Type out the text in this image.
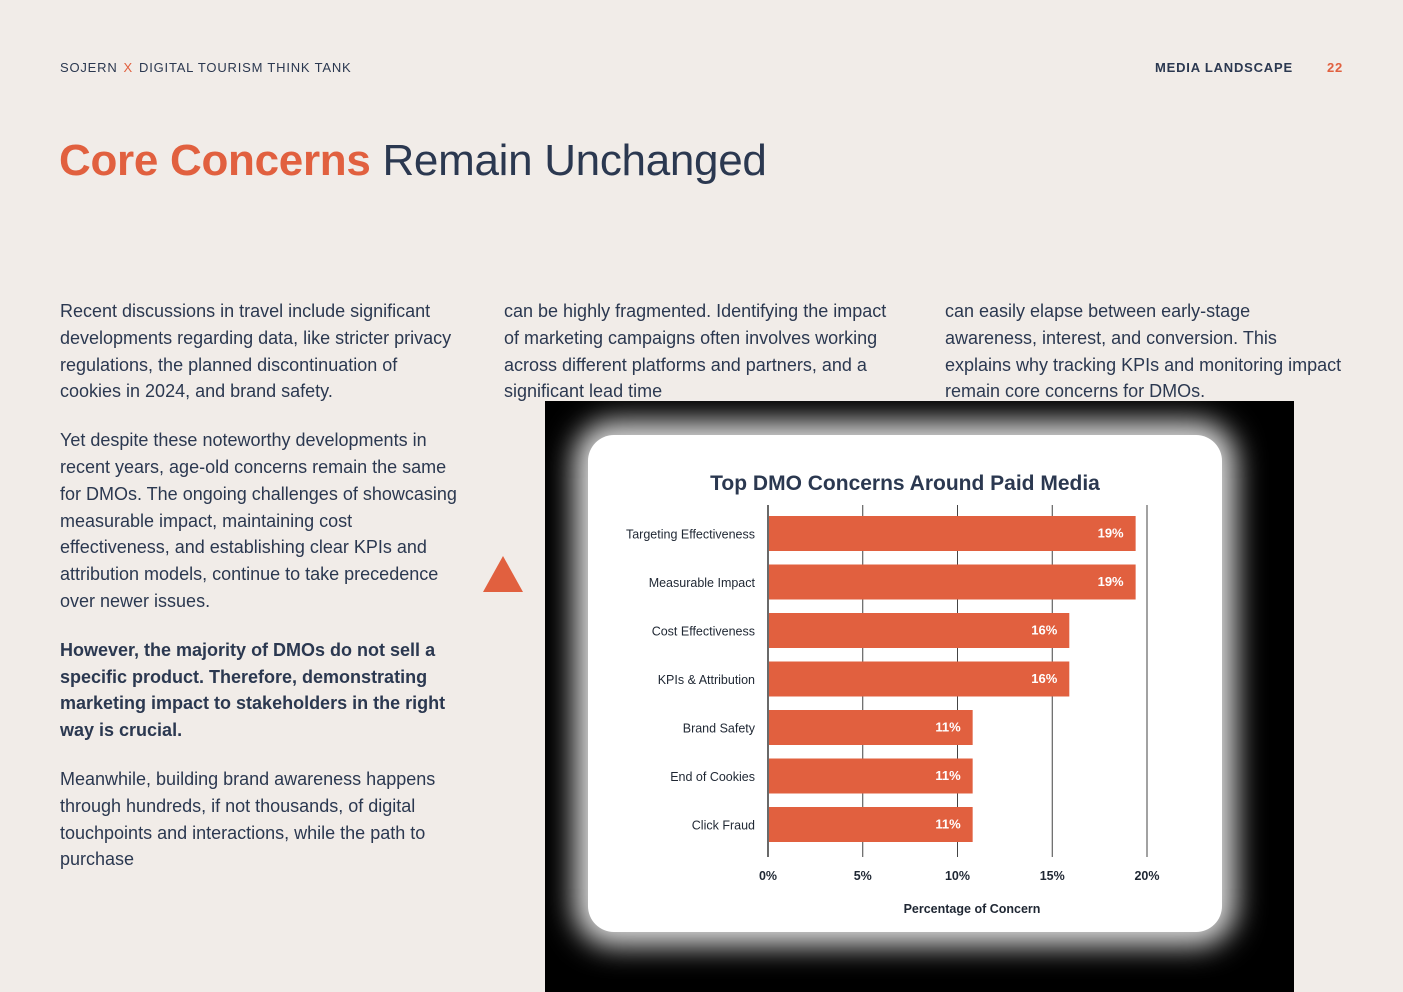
SOJERN X DIGITAL TOURISM THINK TANK	MEDIA LANDSCAPE	22
Core Concerns Remain Unchanged

Recent discussions in travel include significant developments regarding data, like stricter privacy regulations, the planned discontinuation of cookies in 2024, and brand safety.

Yet despite these noteworthy developments in recent years, age-old concerns remain the same for DMOs. The ongoing challenges of showcasing measurable impact, maintaining cost effectiveness, and establishing clear KPIs and attribution models, continue to take precedence over newer issues.

However, the majority of DMOs do not sell a specific product. Therefore, demonstrating marketing impact to stakeholders in the right way is crucial.

Meanwhile, building brand awareness happens through hundreds, if not thousands, of digital touchpoints and interactions, while the path to purchase

can be highly fragmented. Identifying the impact of marketing campaigns often involves working across different platforms and partners, and a significant lead time

can easily elapse between early-stage awareness, interest, and conversion. This explains why tracking KPIs and monitoring impact remain core concerns for DMOs.

Top DMO Concerns Around Paid Media
Targeting Effectiveness	19%
Measurable Impact	19%
Cost Effectiveness	16%
KPIs & Attribution	16%
Brand Safety	11%
End of Cookies	11%
Click Fraud	11%
0%	5%	10%	15%	20%
Percentage of Concern
